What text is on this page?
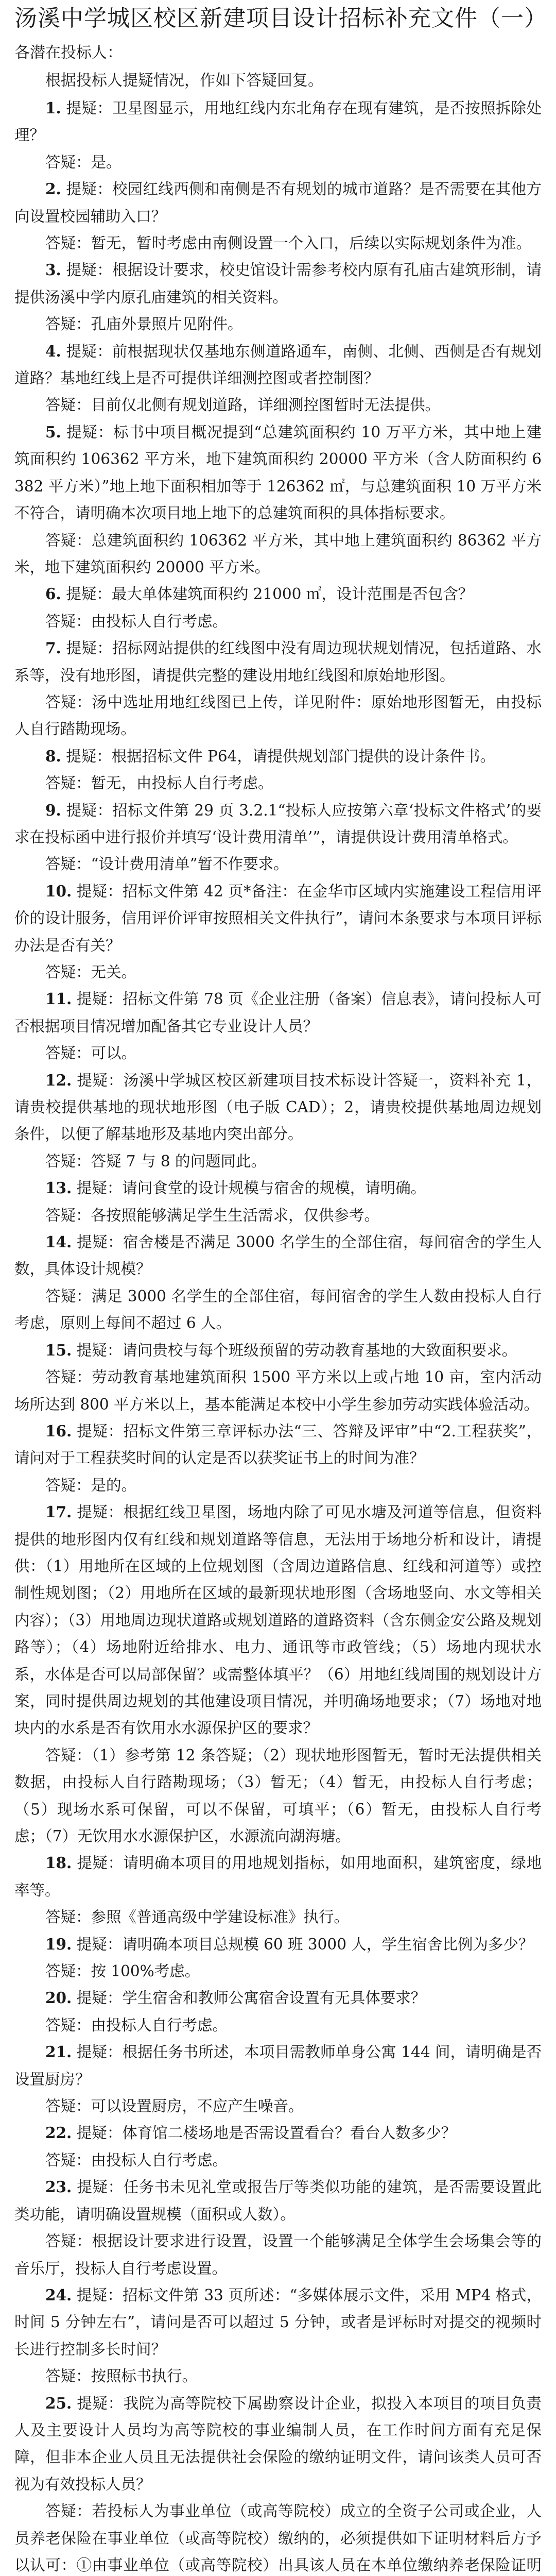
汤溪中学城区校区新建项目设计招标补充文件（一）

各潜在投标人：

根据投标人提疑情况，作如下答疑回复。

1. 提疑：卫星图显示，用地红线内东北角存在现有建筑，是否按照拆除处理？

答疑：是。

2. 提疑：校园红线西侧和南侧是否有规划的城市道路？是否需要在其他方向设置校园辅助入口？

答疑：暂无，暂时考虑由南侧设置一个入口，后续以实际规划条件为准。

3. 提疑：根据设计要求，校史馆设计需参考校内原有孔庙古建筑形制，请提供汤溪中学内原孔庙建筑的相关资料。

答疑：孔庙外景照片见附件。

4. 提疑：前根据现状仅基地东侧道路通车，南侧、北侧、西侧是否有规划道路？基地红线上是否可提供详细测控图或者控制图？

答疑：目前仅北侧有规划道路，详细测控图暂时无法提供。

5. 提疑：标书中项目概况提到“总建筑面积约 10 万平方米，其中地上建筑面积约 106362 平方米，地下建筑面积约 20000 平方米（含人防面积约 6382 平方米）”地上地下面积相加等于 126362 ㎡，与总建筑面积 10 万平方米不符合，请明确本次项目地上地下的总建筑面积的具体指标要求。

答疑：总建筑面积约 106362 平方米，其中地上建筑面积约 86362 平方米，地下建筑面积约 20000 平方米。

6. 提疑：最大单体建筑面积约 21000 ㎡，设计范围是否包含？

答疑：由投标人自行考虑。

7. 提疑：招标网站提供的红线图中没有周边现状规划情况，包括道路、水系等，没有地形图，请提供完整的建设用地红线图和原始地形图。

答疑：汤中选址用地红线图已上传，详见附件：原始地形图暂无，由投标人自行踏勘现场。

8. 提疑：根据招标文件 P64，请提供规划部门提供的设计条件书。

答疑：暂无，由投标人自行考虑。

9. 提疑：招标文件第 29 页 3.2.1“投标人应按第六章‘投标文件格式’的要求在投标函中进行报价并填写‘设计费用清单’”，请提供设计费用清单格式。

答疑：“设计费用清单”暂不作要求。

10. 提疑：招标文件第 42 页*备注：在金华市区域内实施建设工程信用评价的设计服务，信用评价评审按照相关文件执行”，请问本条要求与本项目评标办法是否有关？

答疑：无关。

11. 提疑：招标文件第 78 页《企业注册（备案）信息表》，请问投标人可否根据项目情况增加配备其它专业设计人员？

答疑：可以。

12. 提疑：汤溪中学城区校区新建项目技术标设计答疑一，资料补充 1，请贵校提供基地的现状地形图（电子版 CAD）；2，请贵校提供基地周边规划条件，以便了解基地形及基地内突出部分。

答疑：答疑 7 与 8 的问题同此。

13. 提疑：请问食堂的设计规模与宿舍的规模，请明确。

答疑：各按照能够满足学生生活需求，仅供参考。

14. 提疑：宿舍楼是否满足 3000 名学生的全部住宿，每间宿舍的学生人数，具体设计规模？

答疑：满足 3000 名学生的全部住宿，每间宿舍的学生人数由投标人自行考虑，原则上每间不超过 6 人。

15. 提疑：请问贵校与每个班级预留的劳动教育基地的大致面积要求。

答疑：劳动教育基地建筑面积 1500 平方米以上或占地 10 亩，室内活动场所达到 800 平方米以上，基本能满足本校中小学生参加劳动实践体验活动。

16. 提疑：招标文件第三章评标办法“三、答辩及评审”中“2.工程获奖”，请问对于工程获奖时间的认定是否以获奖证书上的时间为准？

答疑：是的。

17. 提疑：根据红线卫星图，场地内除了可见水塘及河道等信息，但资料提供的地形图内仅有红线和规划道路等信息，无法用于场地分析和设计，请提供：（1）用地所在区域的上位规划图（含周边道路信息、红线和河道等）或控制性规划图；（2）用地所在区域的最新现状地形图（含场地竖向、水文等相关内容）；（3）用地周边现状道路或规划道路的道路资料（含东侧金安公路及规划路等）；（4）场地附近给排水、电力、通讯等市政管线；（5）场地内现状水系，水体是否可以局部保留？或需整体填平？（6）用地红线周围的规划设计方案，同时提供周边规划的其他建设项目情况，并明确场地要求；（7）场地对地块内的水系是否有饮用水水源保护区的要求？

答疑：（1）参考第 12 条答疑；（2）现状地形图暂无，暂时无法提供相关数据，由投标人自行踏勘现场；（3）暂无；（4）暂无，由投标人自行考虑；（5）现场水系可保留，可以不保留，可填平；（6）暂无，由投标人自行考虑；（7）无饮用水水源保护区，水源流向湖海塘。

18. 提疑：请明确本项目的用地规划指标，如用地面积，建筑密度，绿地率等。

答疑：参照《普通高级中学建设标准》执行。

19. 提疑：请明确本项目总规模 60 班 3000 人，学生宿舍比例为多少？

答疑：按 100%考虑。

20. 提疑：学生宿舍和教师公寓宿舍设置有无具体要求？

答疑：由投标人自行考虑。

21. 提疑：根据任务书所述，本项目需教师单身公寓 144 间，请明确是否设置厨房？

答疑：可以设置厨房，不应产生噪音。

22. 提疑：体育馆二楼场地是否需设置看台？看台人数多少？

答疑：由投标人自行考虑。

23. 提疑：任务书未见礼堂或报告厅等类似功能的建筑，是否需要设置此类功能，请明确设置规模（面积或人数）。

答疑：根据设计要求进行设置，设置一个能够满足全体学生会场集会等的音乐厅，投标人自行考虑设置。

24. 提疑：招标文件第 33 页所述：“多媒体展示文件，采用 MP4 格式，时间 5 分钟左右”，请问是否可以超过 5 分钟，或者是评标时对提交的视频时长进行控制多长时间？

答疑：按照标书执行。

25. 提疑：我院为高等院校下属勘察设计企业，拟投入本项目的项目负责人及主要设计人员均为高等院校的事业编制人员，在工作时间方面有充足保障，但非本企业人员且无法提供社会保险的缴纳证明文件，请问该类人员可否视为有效投标人员？

答疑：若投标人为事业单位（或高等院校）成立的全资子公司或企业，人员养老保险在事业单位（或高等院校）缴纳的，必须提供如下证明材料后方予以认可：①由事业单位（或高等院校）出具该人员在本单位缴纳养老保险证明
